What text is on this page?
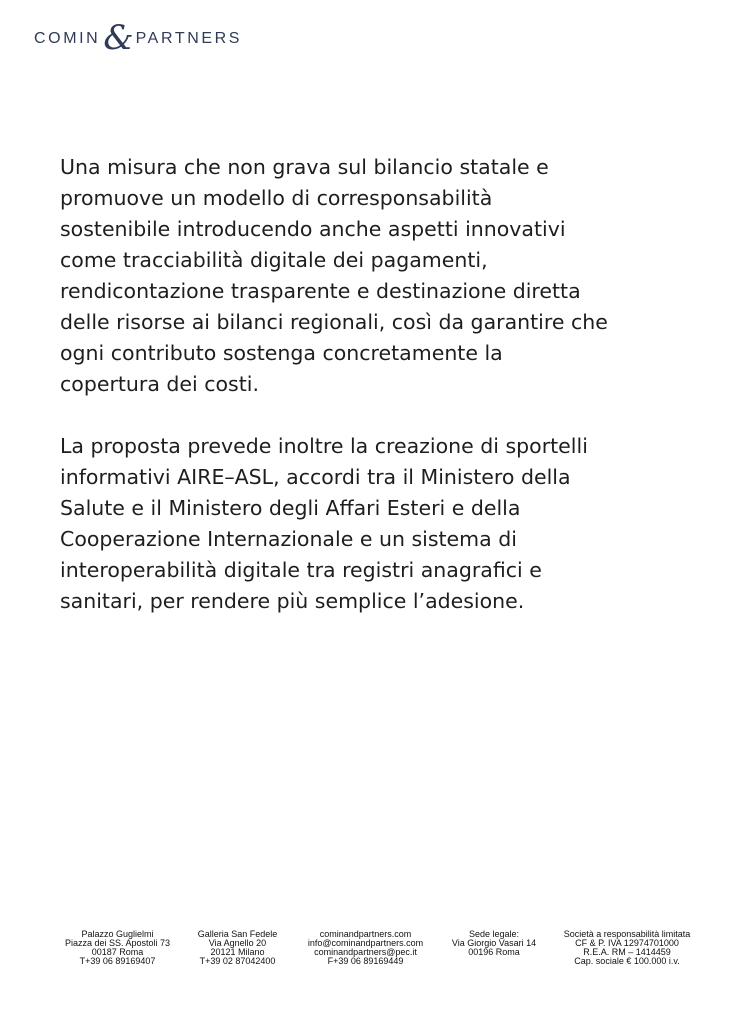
COMIN & PARTNERS

Una misura che non grava sul bilancio statale e
promuove un modello di corresponsabilità
sostenibile introducendo anche aspetti innovativi
come tracciabilità digitale dei pagamenti,
rendicontazione trasparente e destinazione diretta
delle risorse ai bilanci regionali, così da garantire che
ogni contributo sostenga concretamente la
copertura dei costi.

La proposta prevede inoltre la creazione di sportelli
informativi AIRE–ASL, accordi tra il Ministero della
Salute e il Ministero degli Affari Esteri e della
Cooperazione Internazionale e un sistema di
interoperabilità digitale tra registri anagrafici e
sanitari, per rendere più semplice l’adesione.

Palazzo Guglielmi
Piazza dei SS. Apostoli 73
00187 Roma
T+39 06 89169407
Galleria San Fedele
Via Agnello 20
20121 Milano
T+39 02 87042400
cominandpartners.com
info@cominandpartners.com
cominandpartners@pec.it
F+39 06 89169449
Sede legale:
Via Giorgio Vasari 14
00196 Roma
Società a responsabilità limitata
CF & P. IVA 12974701000
R.E.A. RM – 1414459
Cap. sociale € 100.000 i.v.
